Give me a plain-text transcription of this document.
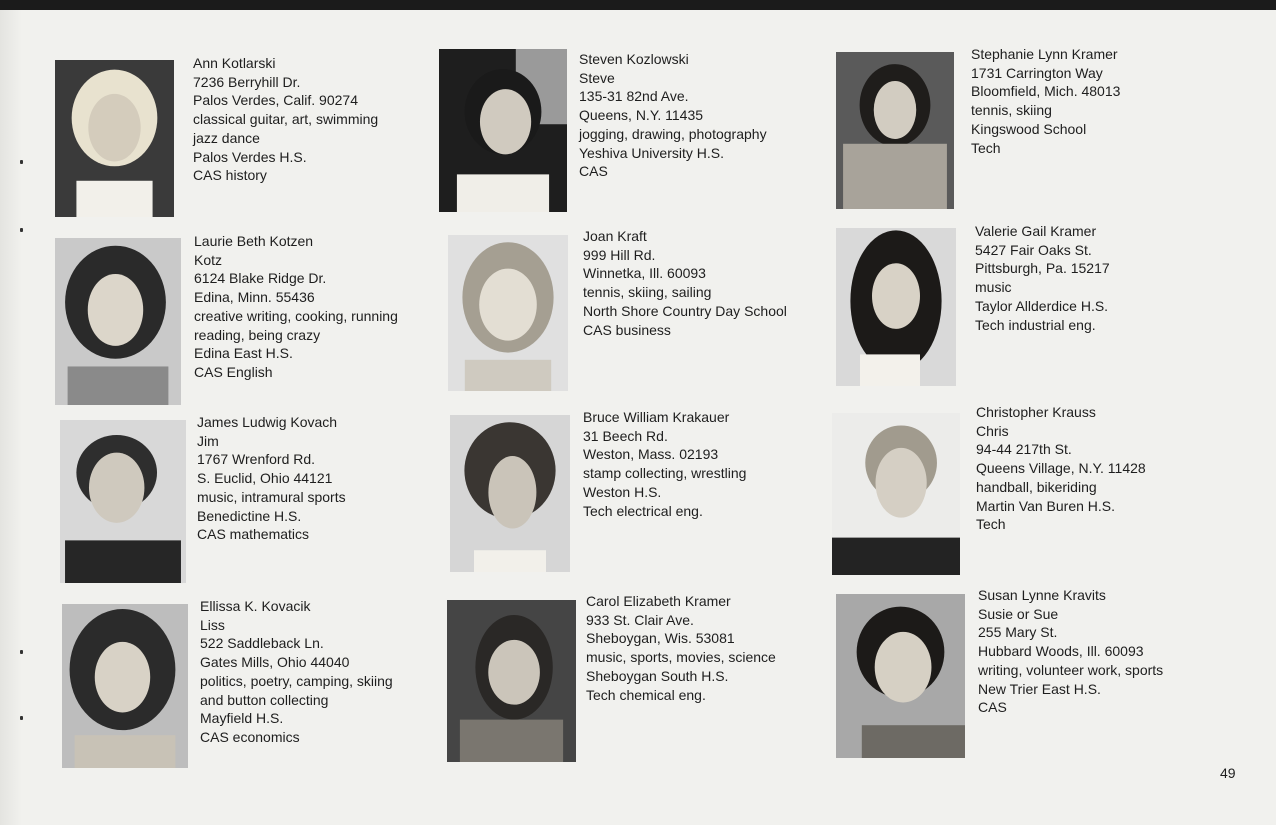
Ann Kotlarski
7236 Berryhill Dr.
Palos Verdes, Calif. 90274
classical guitar, art, swimming
jazz dance
Palos Verdes H.S.
CAS history
Laurie Beth Kotzen
Kotz
6124 Blake Ridge Dr.
Edina, Minn. 55436
creative writing, cooking, running
reading, being crazy
Edina East H.S.
CAS English
James Ludwig Kovach
Jim
1767 Wrenford Rd.
S. Euclid, Ohio 44121
music, intramural sports
Benedictine H.S.
CAS mathematics
Ellissa K. Kovacik
Liss
522 Saddleback Ln.
Gates Mills, Ohio 44040
politics, poetry, camping, skiing
and button collecting
Mayfield H.S.
CAS economics
Steven Kozlowski
Steve
135-31 82nd Ave.
Queens, N.Y. 11435
jogging, drawing, photography
Yeshiva University H.S.
CAS
Joan Kraft
999 Hill Rd.
Winnetka, Ill. 60093
tennis, skiing, sailing
North Shore Country Day School
CAS business
Bruce William Krakauer
31 Beech Rd.
Weston, Mass. 02193
stamp collecting, wrestling
Weston H.S.
Tech electrical eng.
Carol Elizabeth Kramer
933 St. Clair Ave.
Sheboygan, Wis. 53081
music, sports, movies, science
Sheboygan South H.S.
Tech chemical eng.
Stephanie Lynn Kramer
1731 Carrington Way
Bloomfield, Mich. 48013
tennis, skiing
Kingswood School
Tech
Valerie Gail Kramer
5427 Fair Oaks St.
Pittsburgh, Pa. 15217
music
Taylor Allderdice H.S.
Tech industrial eng.
Christopher Krauss
Chris
94-44 217th St.
Queens Village, N.Y. 11428
handball, bikeriding
Martin Van Buren H.S.
Tech
Susan Lynne Kravits
Susie or Sue
255 Mary St.
Hubbard Woods, Ill. 60093
writing, volunteer work, sports
New Trier East H.S.
CAS
49
